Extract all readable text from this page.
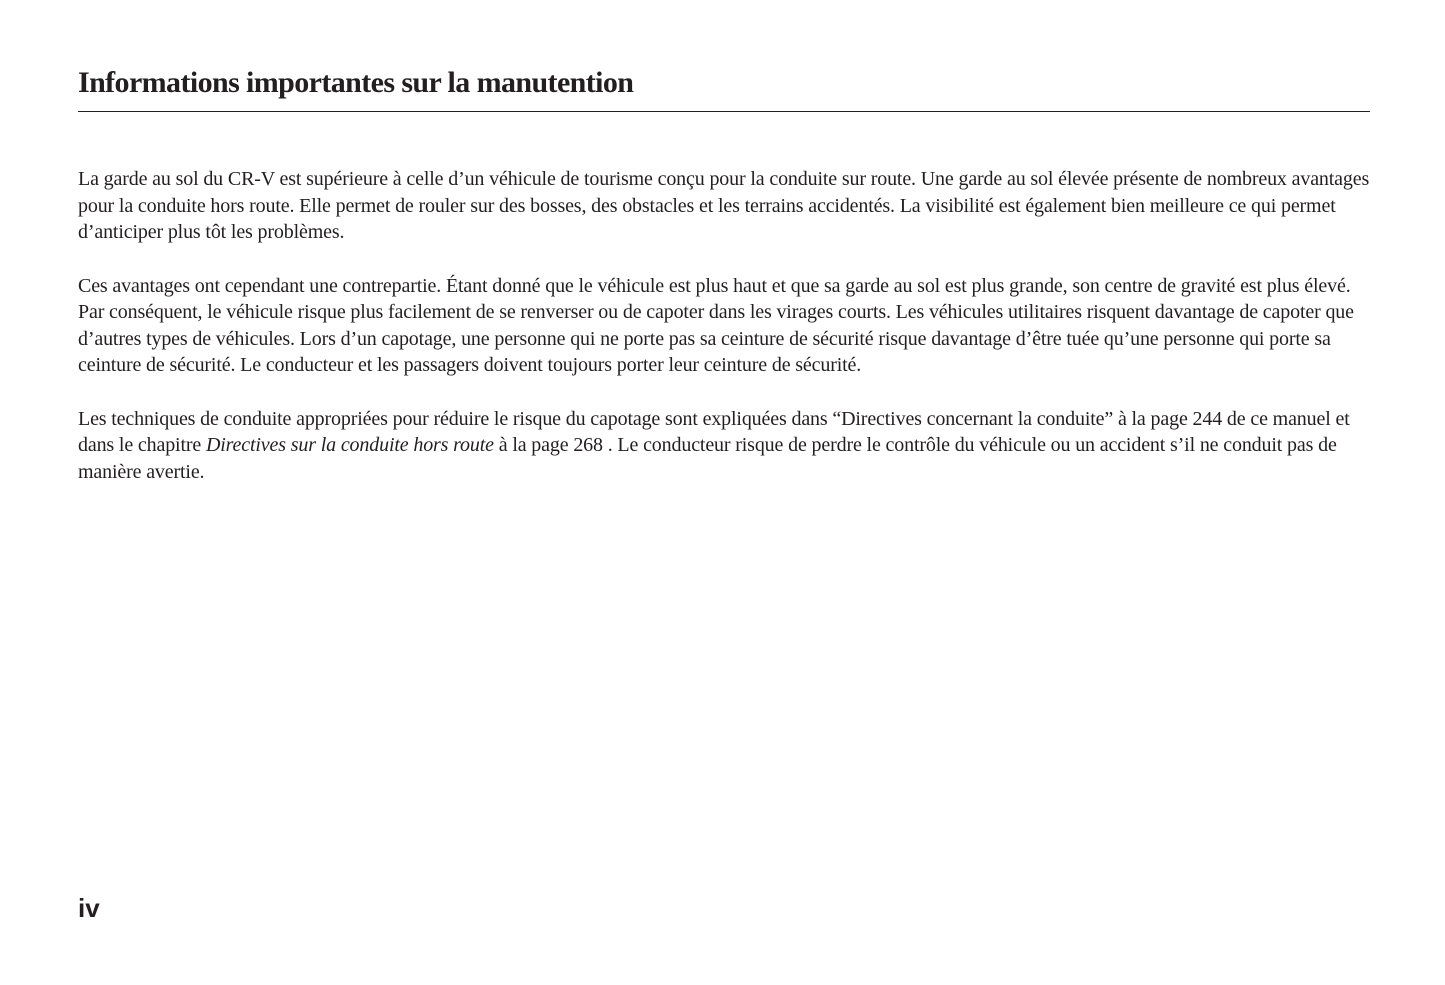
Informations importantes sur la manutention

La garde au sol du CR-V est supérieure à celle d’un véhicule de tourisme conçu pour la conduite sur route. Une garde au sol élevée présente de nombreux avantages pour la conduite hors route. Elle permet de rouler sur des bosses, des obstacles et les terrains accidentés. La visibilité est également bien meilleure ce qui permet d’anticiper plus tôt les problèmes.

Ces avantages ont cependant une contrepartie. Étant donné que le véhicule est plus haut et que sa garde au sol est plus grande, son centre de gravité est plus élevé. Par conséquent, le véhicule risque plus facilement de se renverser ou de capoter dans les virages courts. Les véhicules utilitaires risquent davantage de capoter que d’autres types de véhicules. Lors d’un capotage, une personne qui ne porte pas sa ceinture de sécurité risque davantage d’être tuée qu’une personne qui porte sa ceinture de sécurité. Le conducteur et les passagers doivent toujours porter leur ceinture de sécurité.

Les techniques de conduite appropriées pour réduire le risque du capotage sont expliquées dans “Directives concernant la conduite” à la page 244 de ce manuel et dans le chapitre Directives sur la conduite hors route à la page 268 . Le conducteur risque de perdre le contrôle du véhicule ou un accident s’il ne conduit pas de manière avertie.

iv
